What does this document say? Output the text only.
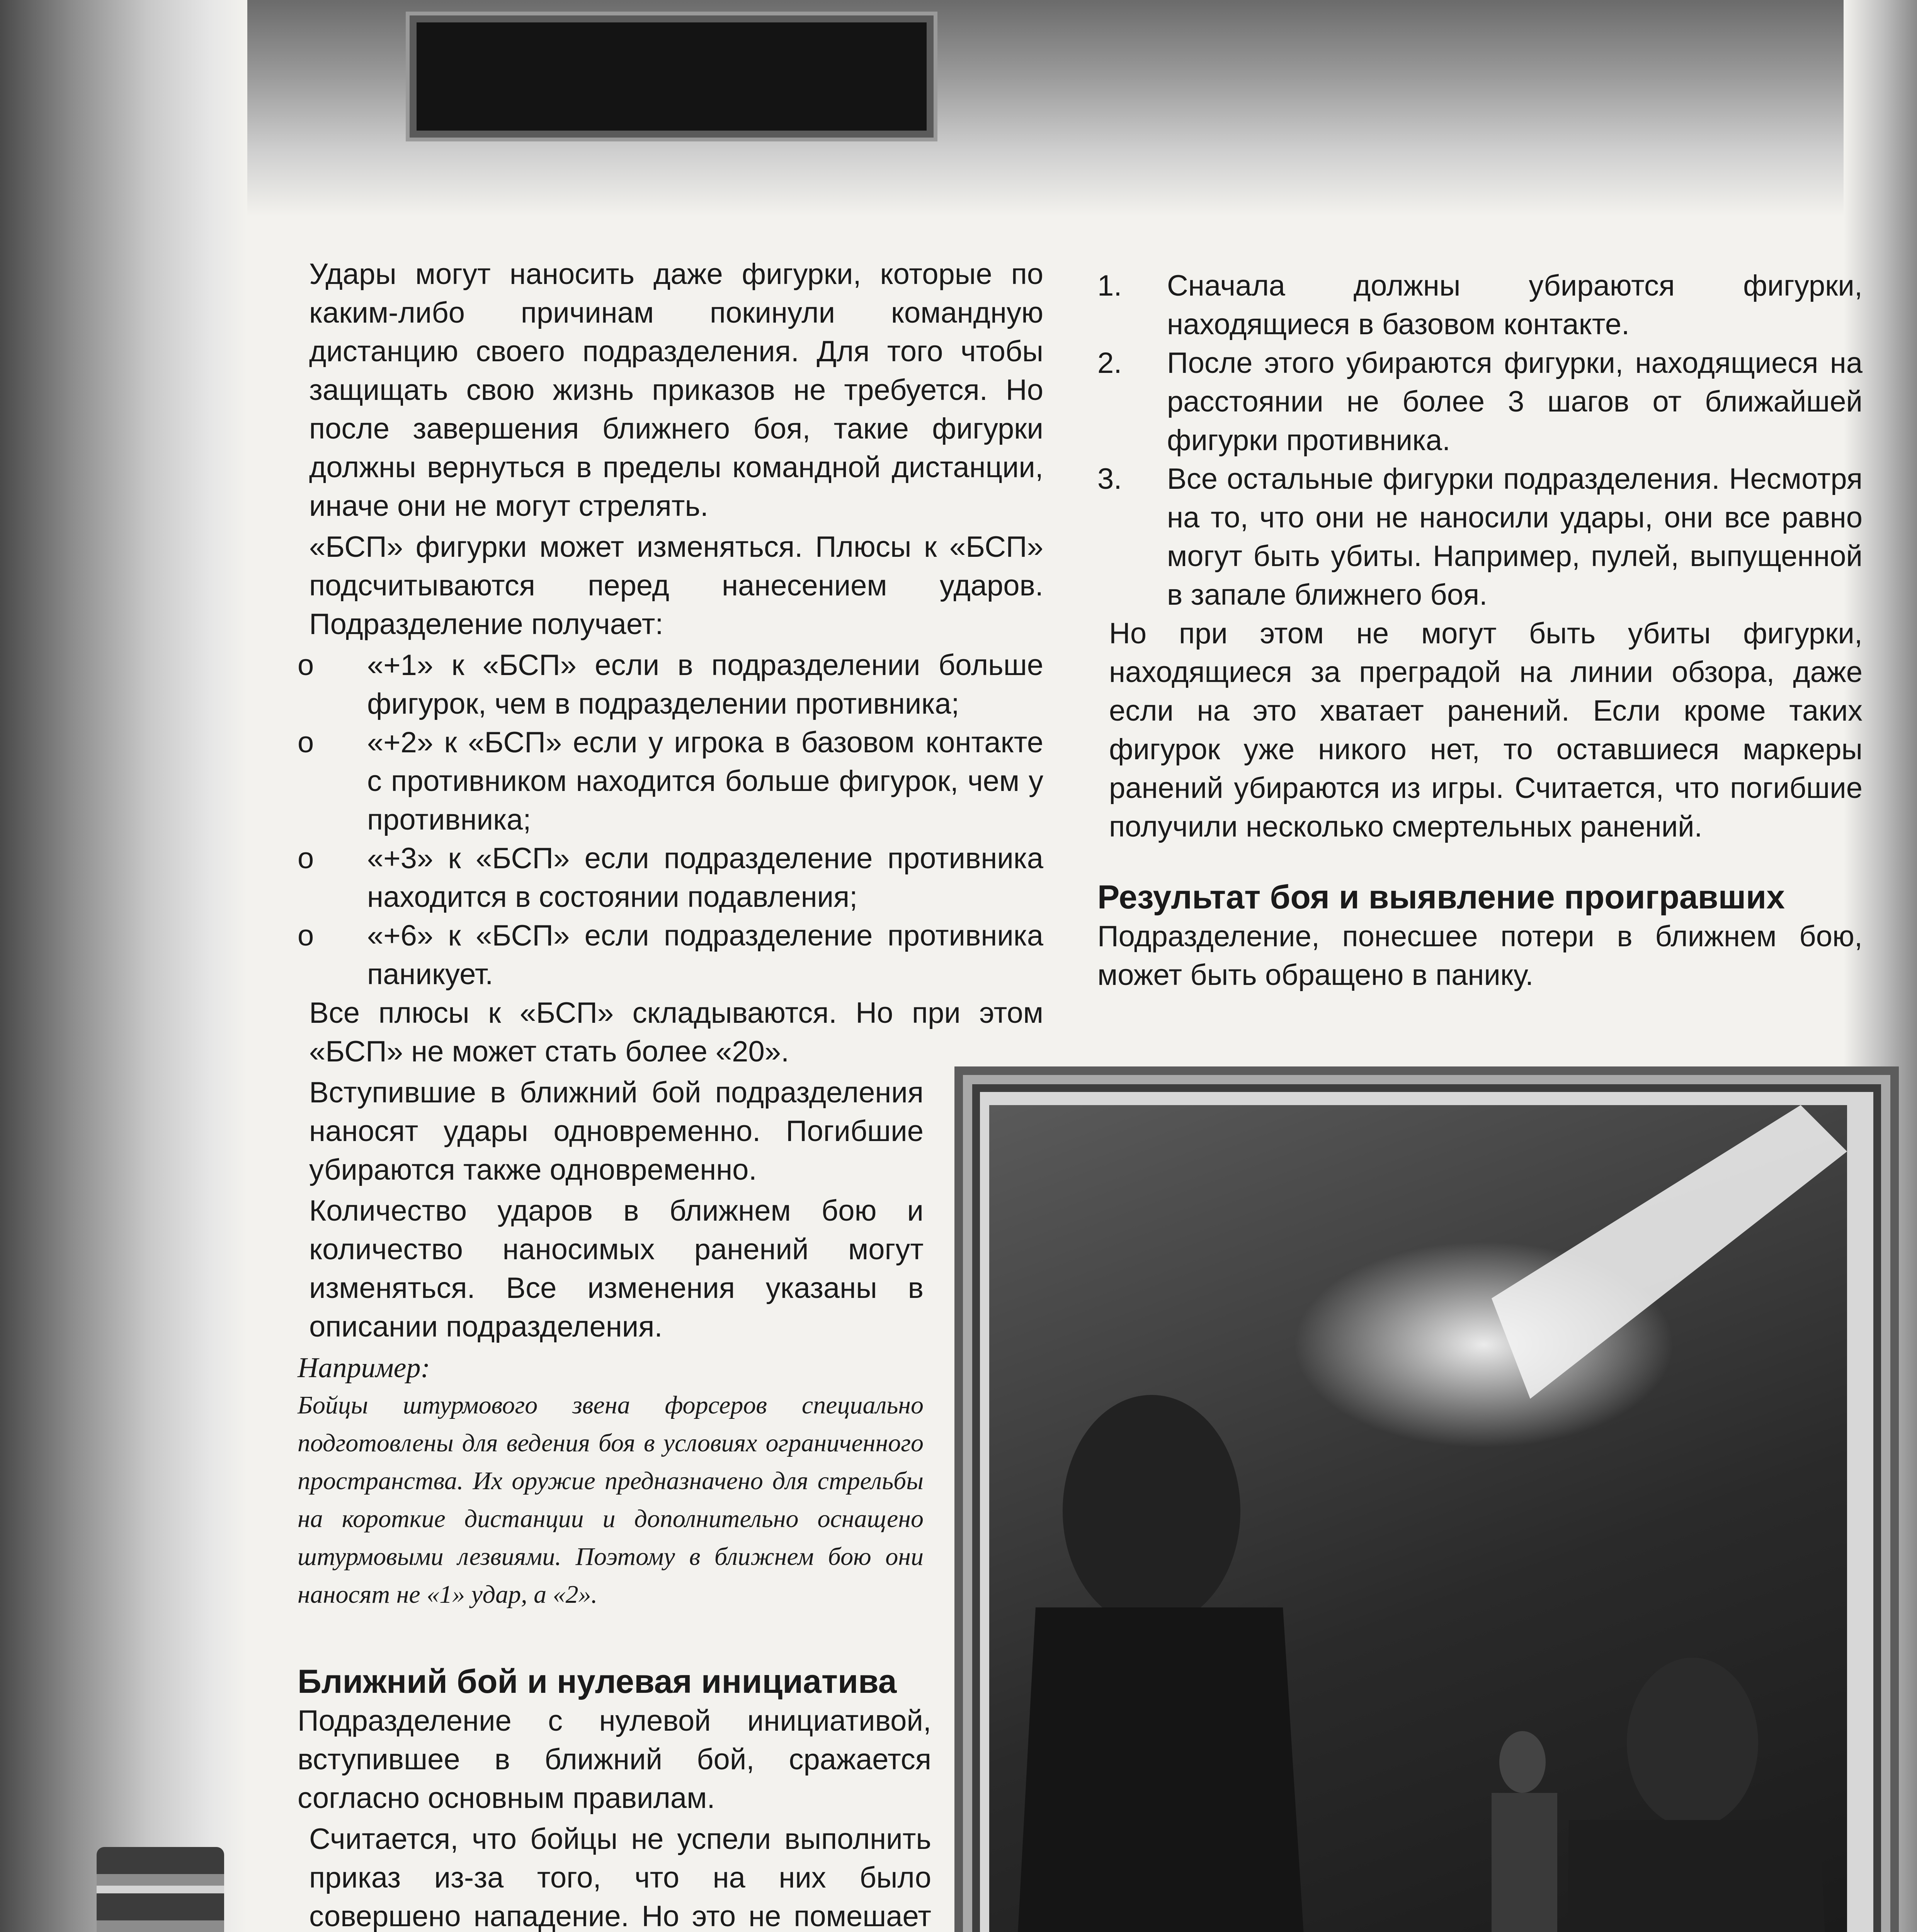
Удары могут наносить даже фигурки, которые по каким-либо причинам покинули командную дистанцию своего подразделения. Для того чтобы защищать свою жизнь приказов не требуется. Но после завершения ближнего боя, такие фигурки должны вернуться в пределы командной дистанции, иначе они не могут стрелять.

«БСП» фигурки может изменяться. Плюсы к «БСП» подсчитываются перед нанесением ударов. Подразделение получает:

о «+1» к «БСП» если в подразделении больше фигурок, чем в подразделении противника;
о «+2» к «БСП» если у игрока в базовом контакте с противником находится больше фигурок, чем у противника;
о «+3» к «БСП» если подразделение противника находится в состоянии подавления;
о «+6» к «БСП» если подразделение противника паникует.

Все плюсы к «БСП» складываются. Но при этом «БСП» не может стать более «20».

Вступившие в ближний бой подразделения наносят удары одновременно. Погибшие убираются также одновременно.

Количество ударов в ближнем бою и количество наносимых ранений могут изменяться. Все изменения указаны в описании подразделения.

Например:
Бойцы штурмового звена форсеров специально подготовлены для ведения боя в условиях ограниченного пространства. Их оружие предназначено для стрельбы на короткие дистанции и дополнительно оснащено штурмовыми лезвиями. Поэтому в ближнем бою они наносят не «1» удар, а «2».
Ближний бой и нулевая инициатива

Подразделение с нулевой инициативой, вступившее в ближний бой, сражается согласно основным правилам.

Считается, что бойцы не успели выполнить приказ из-за того, что на них было совершено нападение. Но это не помешает

1. Сначала должны убираются фигурки, находящиеся в базовом контакте.
2. После этого убираются фигурки, находящиеся на расстоянии не более 3 шагов от ближайшей фигурки противника.
3. Все остальные фигурки подразделения. Несмотря на то, что они не наносили удары, они все равно могут быть убиты. Например, пулей, выпущенной в запале ближнего боя.

Но при этом не могут быть убиты фигурки, находящиеся за преградой на линии обзора, даже если на это хватает ранений. Если кроме таких фигурок уже никого нет, то оставшиеся маркеры ранений убираются из игры. Считается, что погибшие получили несколько смертельных ранений.

Результат боя и выявление проигравших

Подразделение, понесшее потери в ближнем бою, может быть обращено в панику.
